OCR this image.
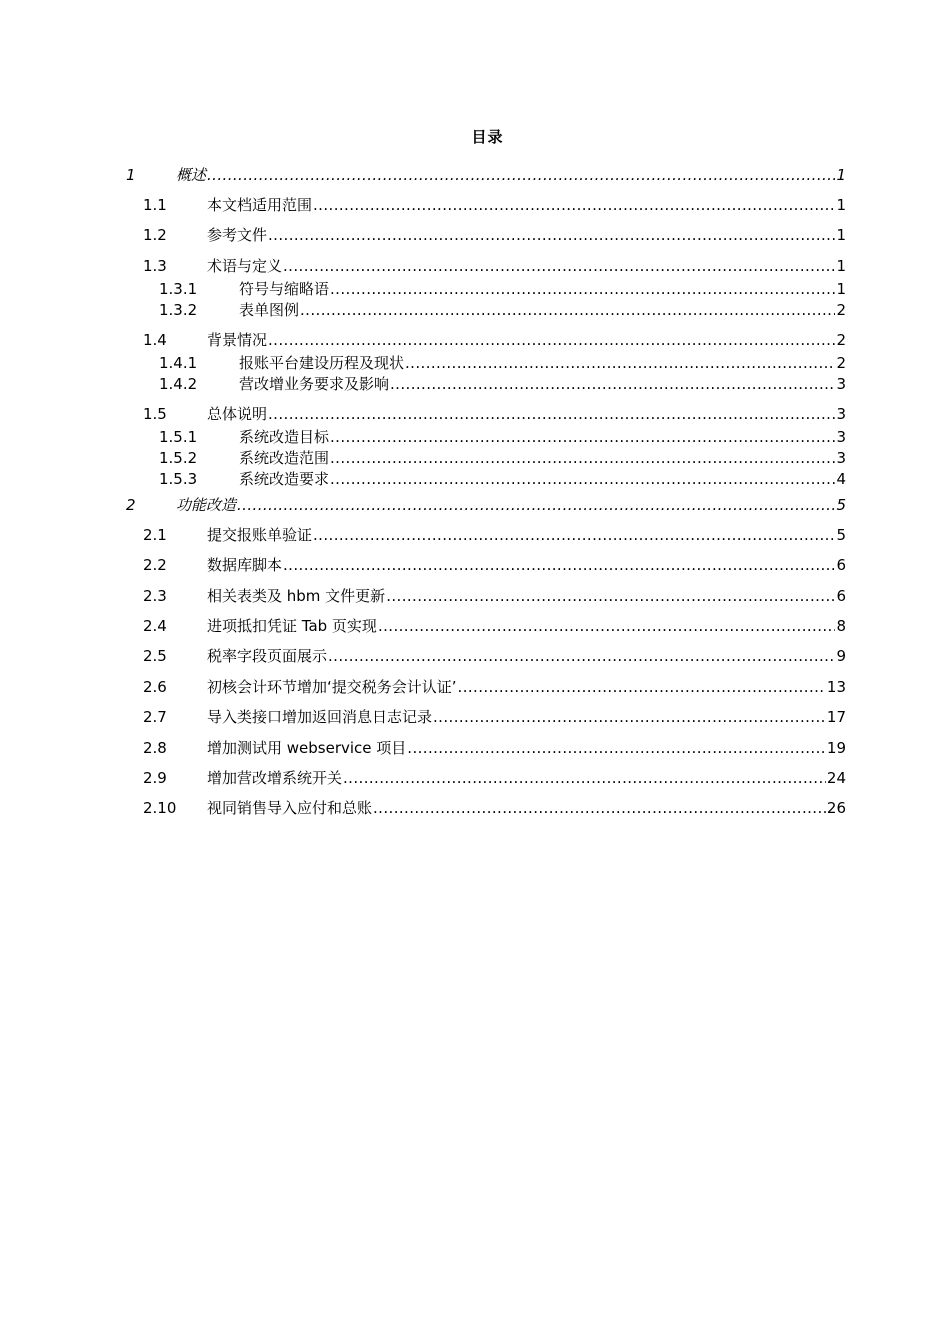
目录
1	概述 .....	1
1.1	本文档适用范围 .....	1
1.2	参考文件 .....	1
1.3	术语与定义 .....	1
1.3.1	符号与缩略语 .....	1
1.3.2	表单图例 .....	2
1.4	背景情况 .....	2
1.4.1	报账平台建设历程及现状 .....	2
1.4.2	营改增业务要求及影响 .....	3
1.5	总体说明 .....	3
1.5.1	系统改造目标 .....	3
1.5.2	系统改造范围 .....	3
1.5.3	系统改造要求 .....	4
2	功能改造 .....	5
2.1	提交报账单验证 .....	5
2.2	数据库脚本 .....	6
2.3	相关表类及 hbm 文件更新 .....	6
2.4	进项抵扣凭证 Tab 页实现 .....	8
2.5	税率字段页面展示 .....	9
2.6	初核会计环节增加‘提交税务会计认证’ .....	13
2.7	导入类接口增加返回消息日志记录 .....	17
2.8	增加测试用 webservice 项目 .....	19
2.9	增加营改增系统开关 .....	24
2.10	视同销售导入应付和总账 .....	26
